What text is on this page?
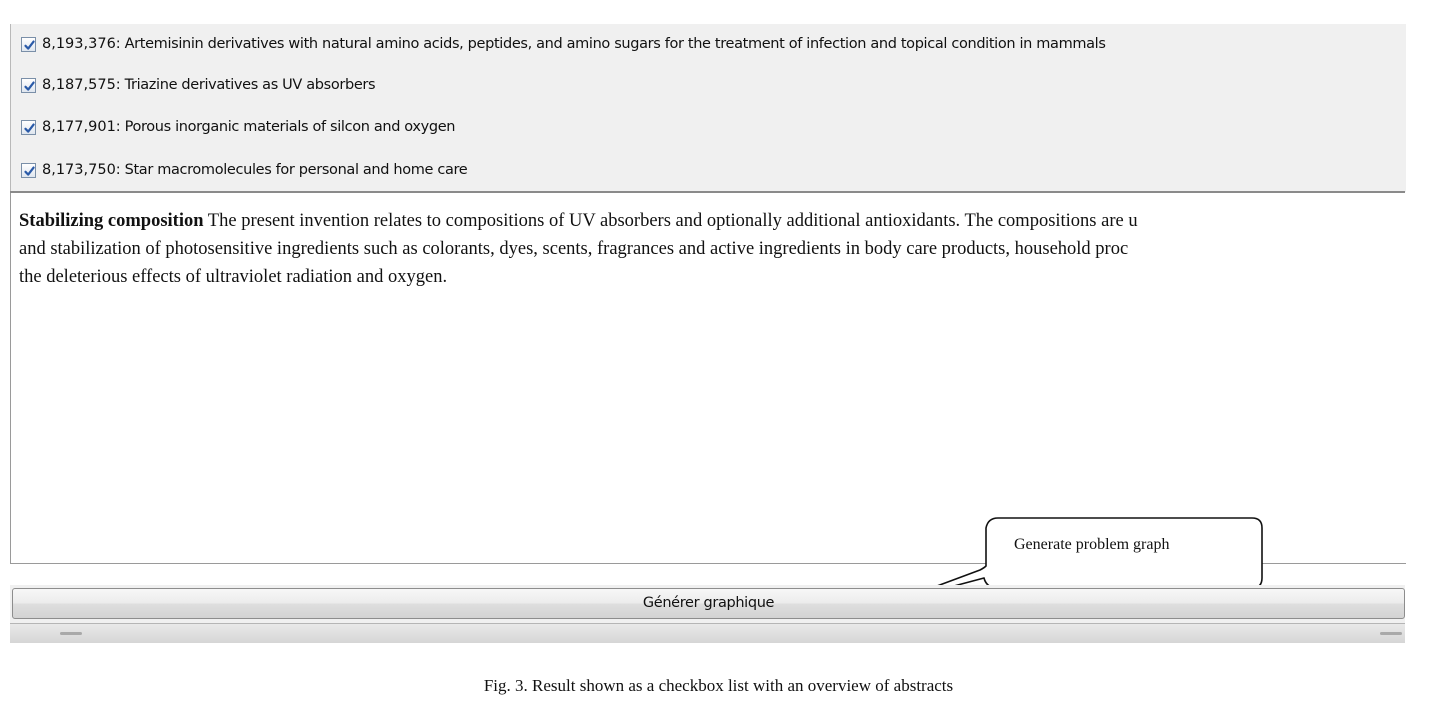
8,193,376 : Artemisinin derivatives with natural amino acids, peptides, and amino sugars for the treatment of infection and topical condition in mammals
8,187,575 : Triazine derivatives as UV absorbers
8,177,901 : Porous inorganic materials of silcon and oxygen
8,173,750 : Star macromolecules for personal and home care

Stabilizing composition The present invention relates to compositions of UV absorbers and optionally additional antioxidants. The compositions are u
and stabilization of photosensitive ingredients such as colorants, dyes, scents, fragrances and active ingredients in body care products, household proc
the deleterious effects of ultraviolet radiation and oxygen.

Generate problem graph
Générer graphique

Fig. 3. Result shown as a checkbox list with an overview of abstracts
